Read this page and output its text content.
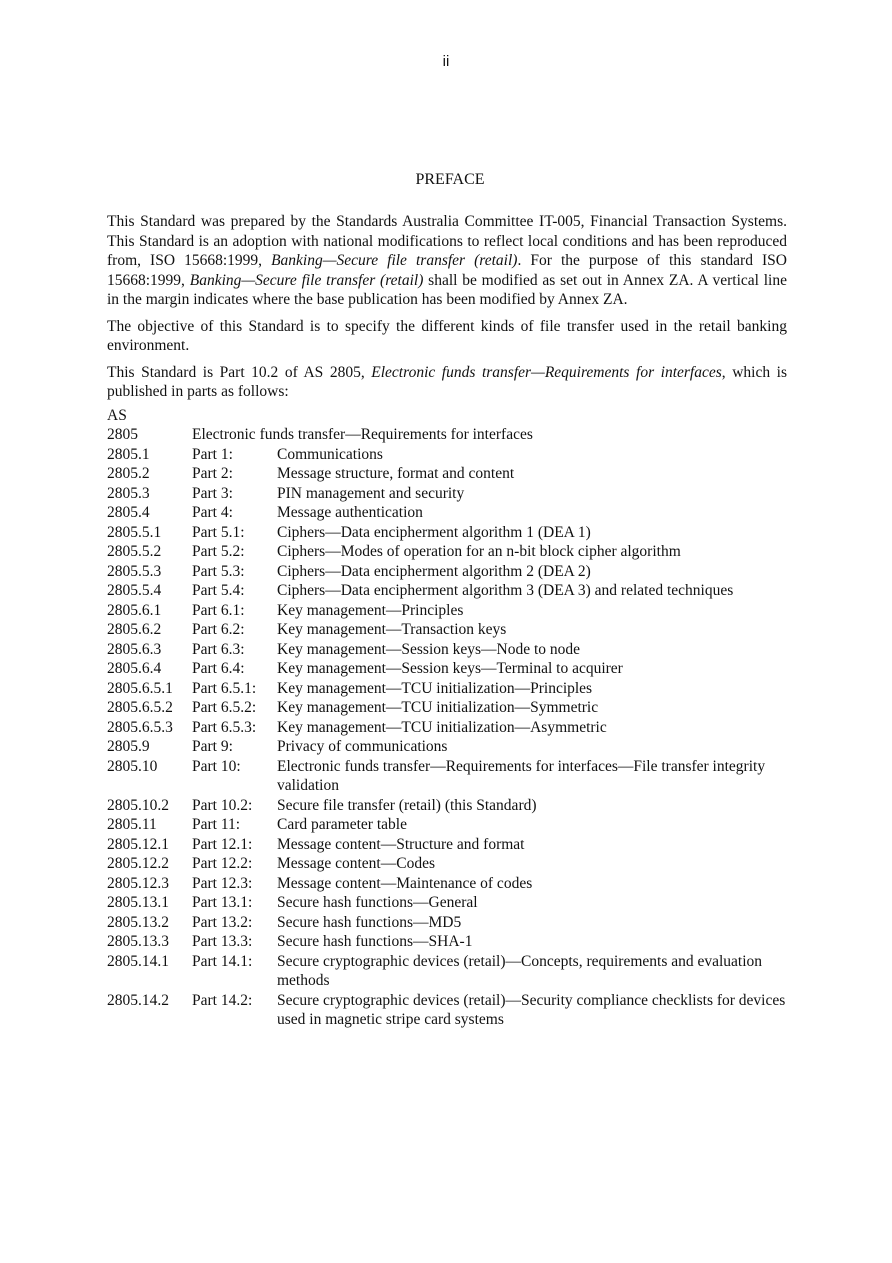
ii
PREFACE

This Standard was prepared by the Standards Australia Committee IT-005, Financial Transaction Systems. This Standard is an adoption with national modifications to reflect local conditions and has been reproduced from, ISO 15668:1999, Banking—Secure file transfer (retail). For the purpose of this standard ISO 15668:1999, Banking—Secure file transfer (retail) shall be modified as set out in Annex ZA. A vertical line in the margin indicates where the base publication has been modified by Annex ZA.

The objective of this Standard is to specify the different kinds of file transfer used in the retail banking environment.

This Standard is Part 10.2 of AS 2805, Electronic funds transfer—Requirements for interfaces, which is published in parts as follows:

AS
2805	Electronic funds transfer—Requirements for interfaces
2805.1	Part 1:	Communications
2805.2	Part 2:	Message structure, format and content
2805.3	Part 3:	PIN management and security
2805.4	Part 4:	Message authentication
2805.5.1	Part 5.1:	Ciphers—Data encipherment algorithm 1 (DEA 1)
2805.5.2	Part 5.2:	Ciphers—Modes of operation for an n-bit block cipher algorithm
2805.5.3	Part 5.3:	Ciphers—Data encipherment algorithm 2 (DEA 2)
2805.5.4	Part 5.4:	Ciphers—Data encipherment algorithm 3 (DEA 3) and related techniques
2805.6.1	Part 6.1:	Key management—Principles
2805.6.2	Part 6.2:	Key management—Transaction keys
2805.6.3	Part 6.3:	Key management—Session keys—Node to node
2805.6.4	Part 6.4:	Key management—Session keys—Terminal to acquirer
2805.6.5.1	Part 6.5.1:	Key management—TCU initialization—Principles
2805.6.5.2	Part 6.5.2:	Key management—TCU initialization—Symmetric
2805.6.5.3	Part 6.5.3:	Key management—TCU initialization—Asymmetric
2805.9	Part 9:	Privacy of communications
2805.10	Part 10:	Electronic funds transfer—Requirements for interfaces—File transfer integrity validation
2805.10.2	Part 10.2:	Secure file transfer (retail) (this Standard)
2805.11	Part 11:	Card parameter table
2805.12.1	Part 12.1:	Message content—Structure and format
2805.12.2	Part 12.2:	Message content—Codes
2805.12.3	Part 12.3:	Message content—Maintenance of codes
2805.13.1	Part 13.1:	Secure hash functions—General
2805.13.2	Part 13.2:	Secure hash functions—MD5
2805.13.3	Part 13.3:	Secure hash functions—SHA-1
2805.14.1	Part 14.1:	Secure cryptographic devices (retail)—Concepts, requirements and evaluation methods
2805.14.2	Part 14.2:	Secure cryptographic devices (retail)—Security compliance checklists for devices used in magnetic stripe card systems
